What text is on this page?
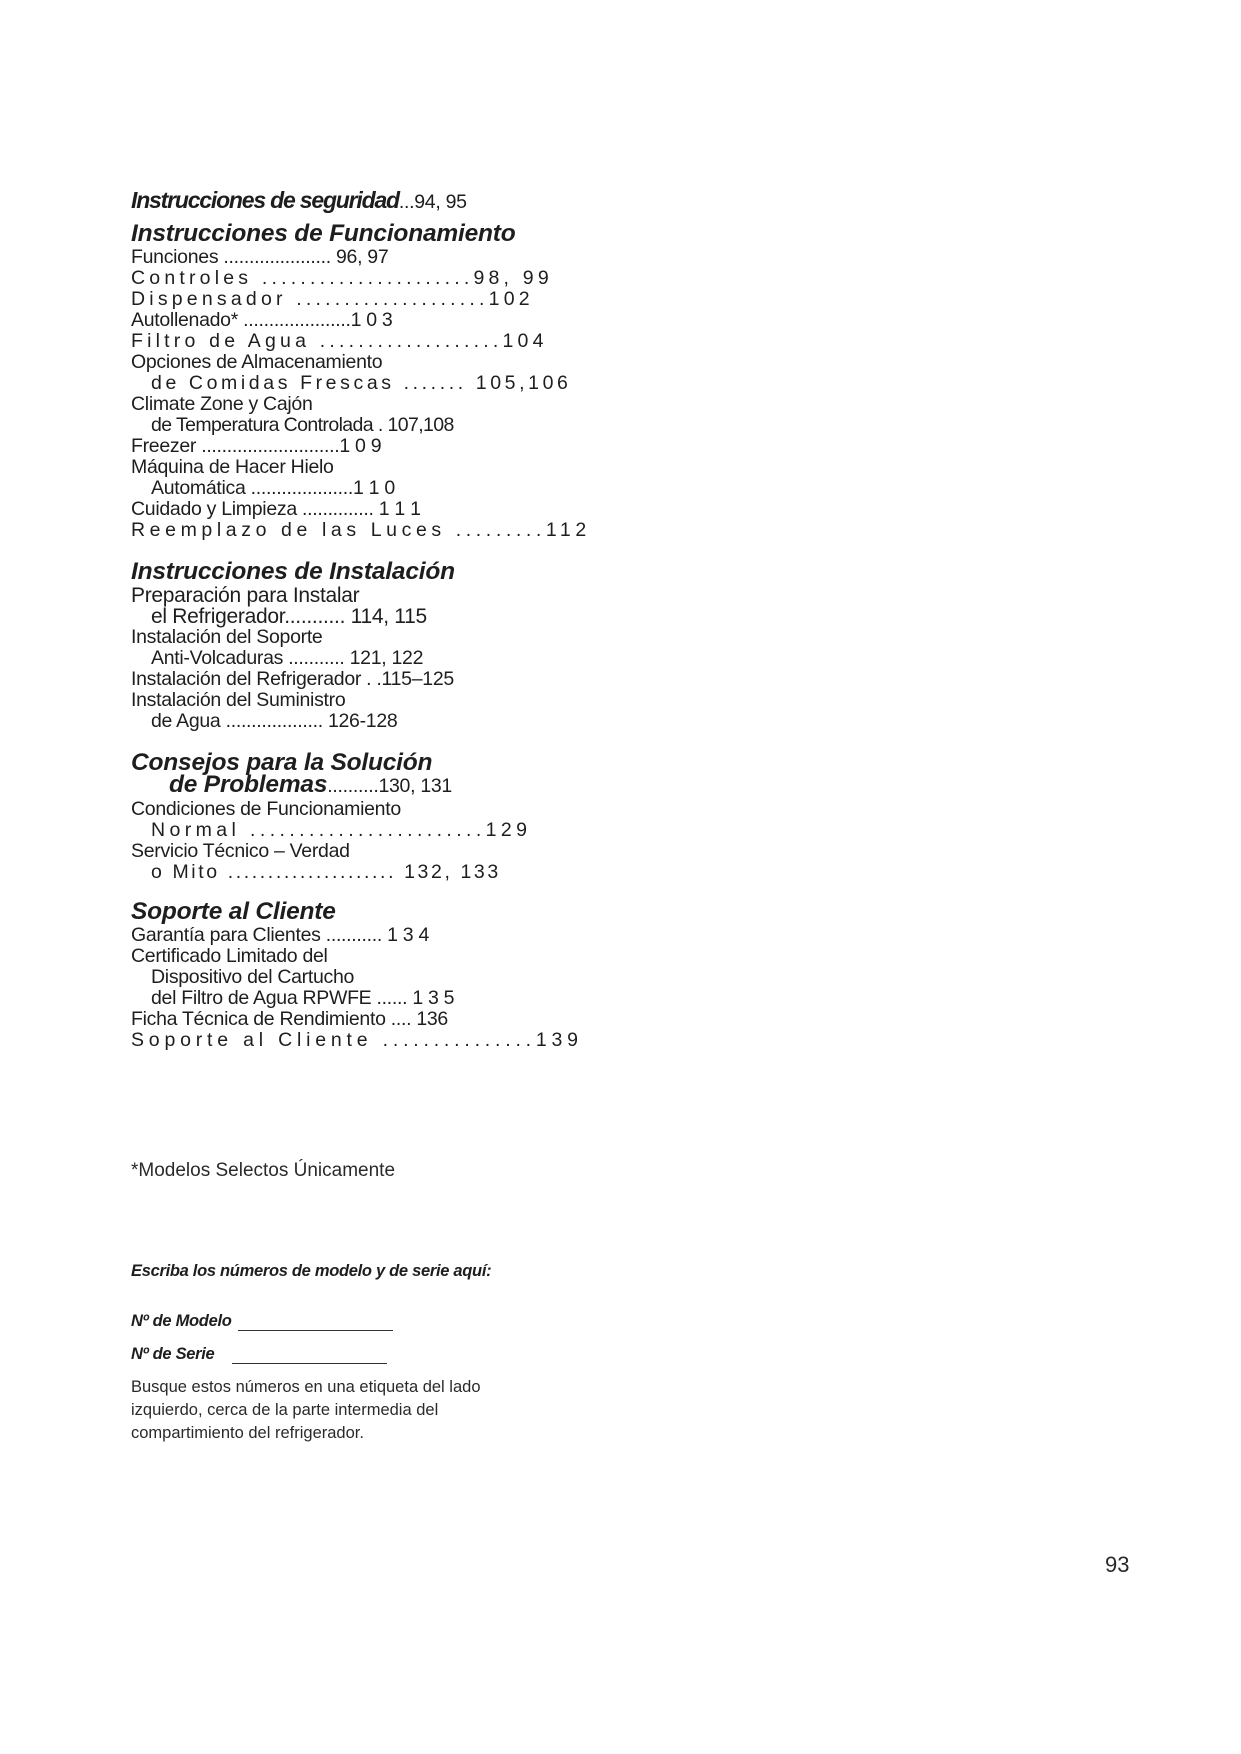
Instrucciones de seguridad...94, 95
Instrucciones de Funcionamiento
Funciones ..................... 96, 97
Controles ......................98, 99
Dispensador ....................102
Autollenado* .....................1 0 3
Filtro de Agua ...................104
Opciones de Almacenamiento
de Comidas Frescas ....... 105,106
Climate Zone y Cajón
de Temperatura Controlada . 107,108
Freezer ...........................1 0 9
Máquina de Hacer Hielo
Automática ....................1 1 0
Cuidado y Limpieza .............. 1 1 1
Reemplazo de las Luces .........112
Instrucciones de Instalación
Preparación para Instalar
el Refrigerador........... 114, 115
Instalación del Soporte
Anti-Volcaduras ........... 121, 122
Instalación del Refrigerador . .115–125
Instalación del Suministro
de Agua ................... 126-128
Consejos para la Solución
de Problemas..........130, 131
Condiciones de Funcionamiento
Normal ........................129
Servicio Técnico – Verdad
o Mito ..................... 132, 133
Soporte al Cliente
Garantía para Clientes ........... 1 3 4
Certificado Limitado del
Dispositivo del Cartucho
del Filtro de Agua RPWFE ...... 1 3 5
Ficha Técnica de Rendimiento .... 136
Soporte al Cliente ...............139
*Modelos Selectos Únicamente
Escriba los números de modelo y de serie aquí:
Nº de Modelo
Nº de Serie
Busque estos números en una etiqueta del lado izquierdo, cerca de la parte intermedia del compartimiento del refrigerador.
93
